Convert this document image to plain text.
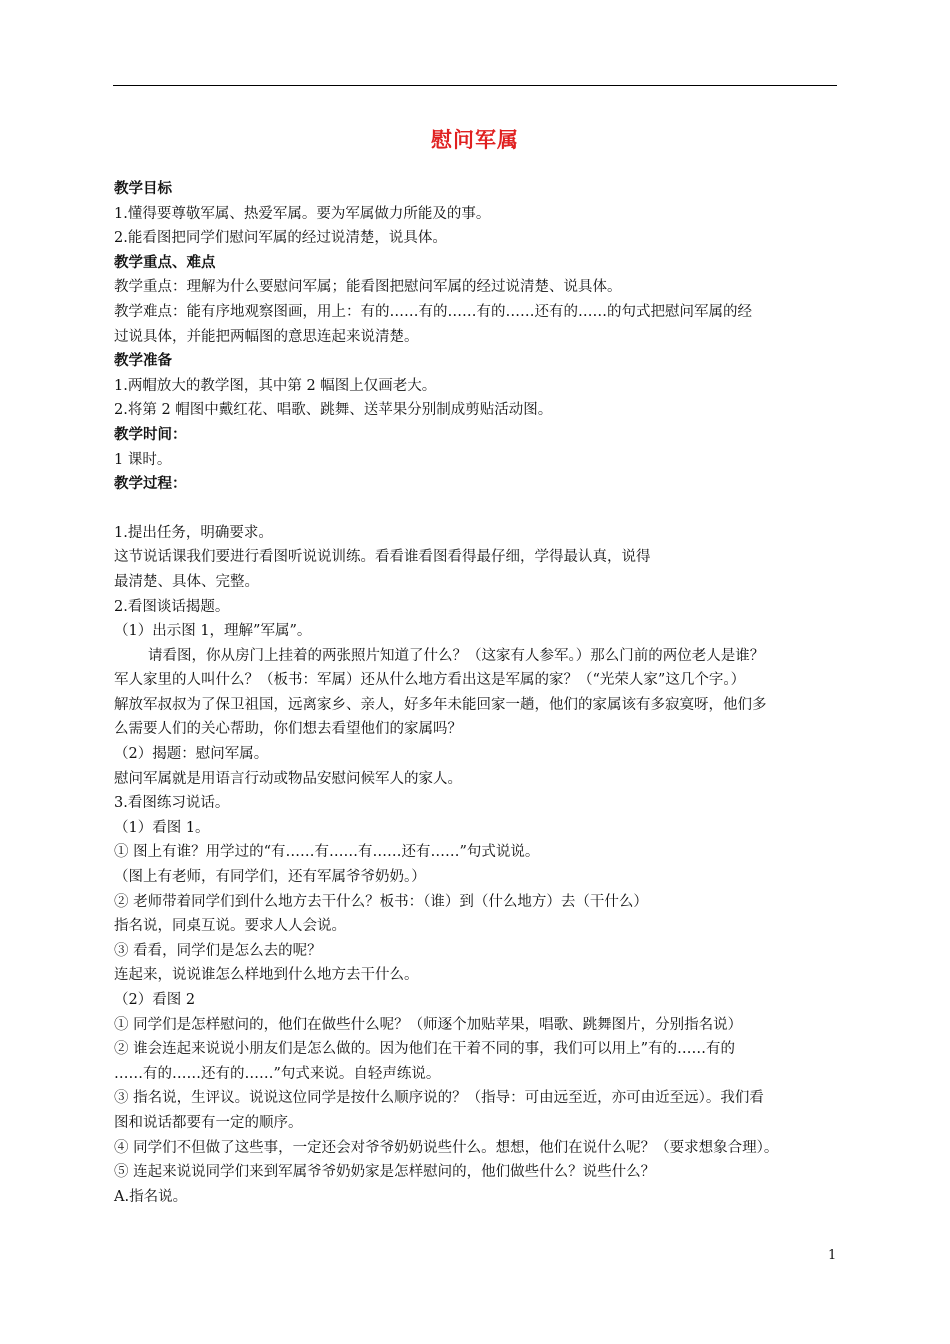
慰问军属
教学目标
1.懂得要尊敬军属、热爱军属。要为军属做力所能及的事。
2.能看图把同学们慰问军属的经过说清楚，说具体。
教学重点、难点
教学重点：理解为什么要慰问军属；能看图把慰问军属的经过说清楚、说具体。
教学难点：能有序地观察图画，用上：有的……有的……有的……还有的……的句式把慰问军属的经
过说具体，并能把两幅图的意思连起来说清楚。
教学准备
1.两帽放大的教学图，其中第 2 幅图上仅画老大。
2.将第 2 帽图中戴红花、唱歌、跳舞、送苹果分别制成剪贴活动图。
教学时间：
1 课时。
教学过程：
1.提出任务，明确要求。
这节说话课我们要进行看图听说说训练。看看谁看图看得最仔细，学得最认真，说得
最清楚、具体、完整。
2.看图谈话揭题。
（1）出示图 1，理解”军属”。
请看图，你从房门上挂着的两张照片知道了什么？（这家有人参军。）那么门前的两位老人是谁？
军人家里的人叫什么？（板书：军属）还从什么地方看出这是军属的家？（“光荣人家”这几个字。）
解放军叔叔为了保卫祖国，远离家乡、亲人，好多年未能回家一趟，他们的家属该有多寂寞呀，他们多
么需要人们的关心帮助，你们想去看望他们的家属吗？
（2）揭题：慰问军属。
慰问军属就是用语言行动或物品安慰问候军人的家人。
3.看图练习说话。
（1）看图 1。
① 图上有谁？用学过的“有……有……有……还有……”句式说说。
（图上有老师，有同学们，还有军属爷爷奶奶。）
② 老师带着同学们到什么地方去干什么？板书：（谁）到（什么地方）去（干什么）
指名说，同桌互说。要求人人会说。
③ 看看，同学们是怎么去的呢？
连起来，说说谁怎么样地到什么地方去干什么。
（2）看图 2
① 同学们是怎样慰问的，他们在做些什么呢？（师逐个加贴苹果，唱歌、跳舞图片，分别指名说）
② 谁会连起来说说小朋友们是怎么做的。因为他们在干着不同的事，我们可以用上”有的……有的
……有的……还有的……”句式来说。自轻声练说。
③ 指名说，生评议。说说这位同学是按什么顺序说的？（指导：可由远至近，亦可由近至远）。我们看
图和说话都要有一定的顺序。
④ 同学们不但做了这些事，一定还会对爷爷奶奶说些什么。想想，他们在说什么呢？（要求想象合理）。
⑤ 连起来说说同学们来到军属爷爷奶奶家是怎样慰问的，他们做些什么？说些什么？
A.指名说。
1
